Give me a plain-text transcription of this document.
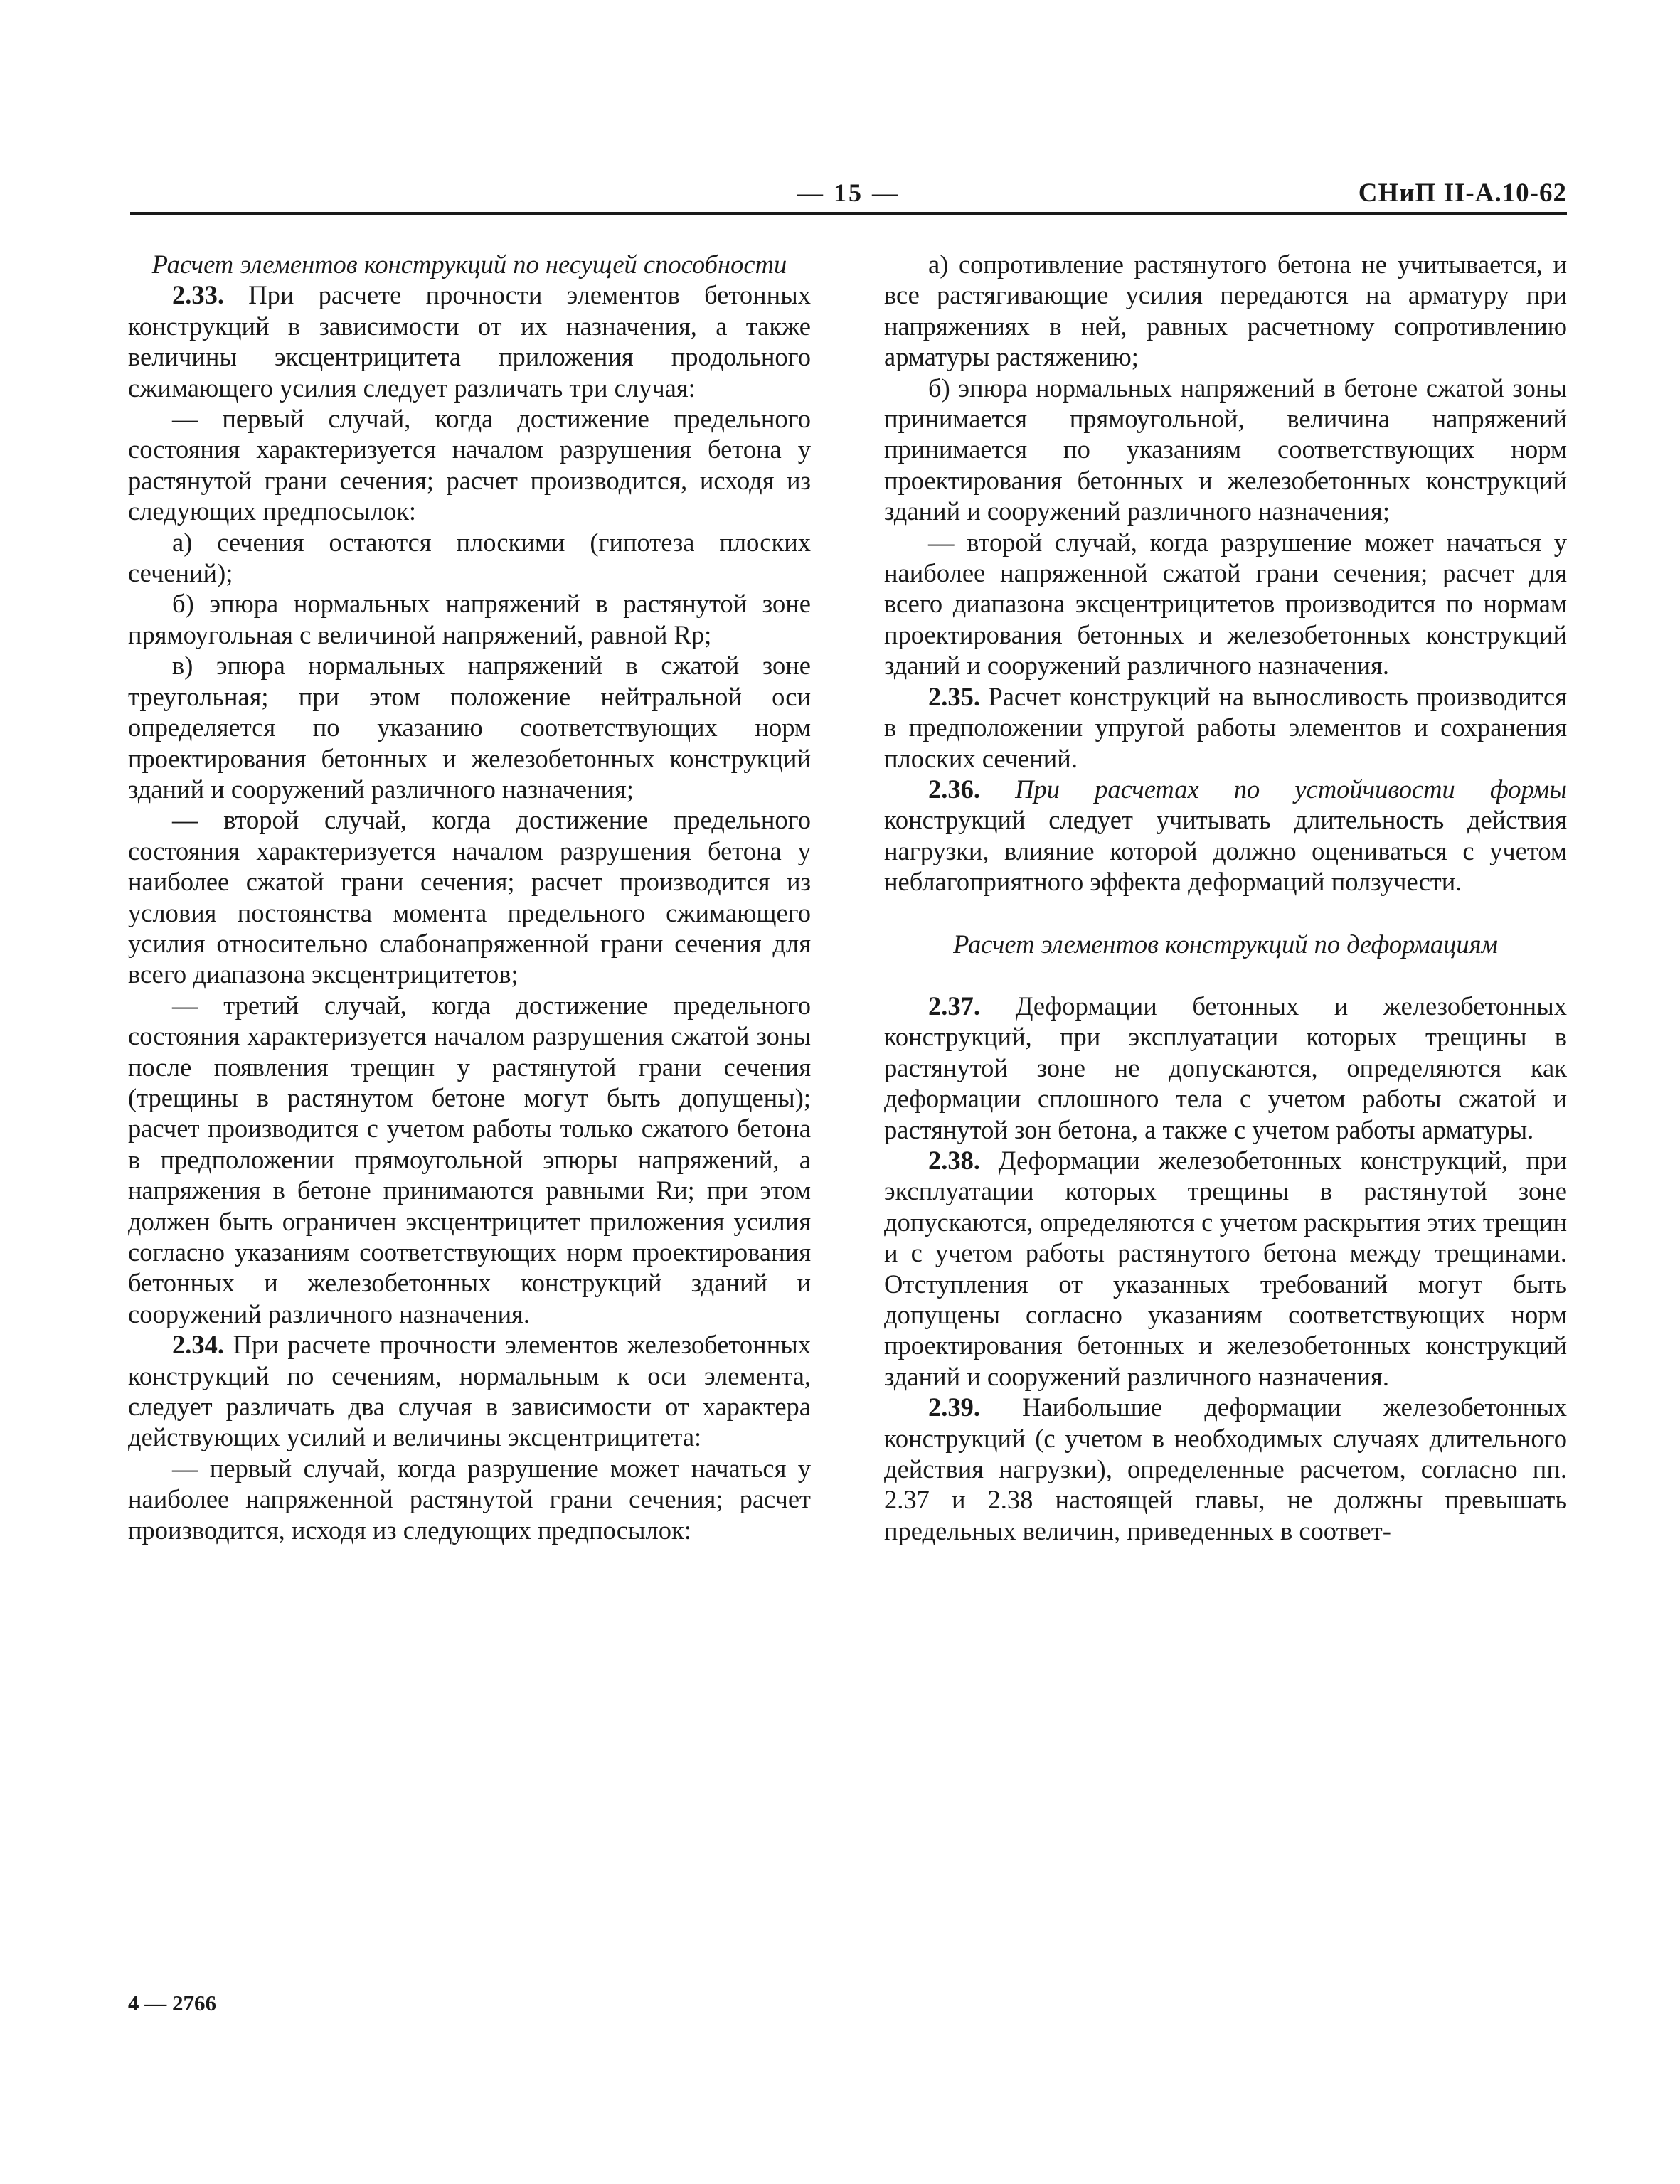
— 15 —	СНиП II-А.10-62

Расчет элементов конструкций по несущей способности

2.33. При расчете прочности элементов бетонных конструкций в зависимости от их назначения, а также величины эксцентрицитета приложения продольного сжимающего усилия следует различать три случая:

— первый случай, когда достижение предельного состояния характеризуется началом разрушения бетона у растянутой грани сечения; расчет производится, исходя из следующих предпосылок:

а) сечения остаются плоскими (гипотеза плоских сечений);

б) эпюра нормальных напряжений в растянутой зоне прямоугольная с величиной напряжений, равной Rр;

в) эпюра нормальных напряжений в сжатой зоне треугольная; при этом положение нейтральной оси определяется по указанию соответствующих норм проектирования бетонных и железобетонных конструкций зданий и сооружений различного назначения;

— второй случай, когда достижение предельного состояния характеризуется началом разрушения бетона у наиболее сжатой грани сечения; расчет производится из условия постоянства момента предельного сжимающего усилия относительно слабонапряженной грани сечения для всего диапазона эксцентрицитетов;

— третий случай, когда достижение предельного состояния характеризуется началом разрушения сжатой зоны после появления трещин у растянутой грани сечения (трещины в растянутом бетоне могут быть допущены); расчет производится с учетом работы только сжатого бетона в предположении прямоугольной эпюры напряжений, а напряжения в бетоне принимаются равными Rи; при этом должен быть ограничен эксцентрицитет приложения усилия согласно указаниям соответствующих норм проектирования бетонных и железобетонных конструкций зданий и сооружений различного назначения.

2.34. При расчете прочности элементов железобетонных конструкций по сечениям, нормальным к оси элемента, следует различать два случая в зависимости от характера действующих усилий и величины эксцентрицитета:

— первый случай, когда разрушение может начаться у наиболее напряженной растянутой грани сечения; расчет производится, исходя из следующих предпосылок:

а) сопротивление растянутого бетона не учитывается, и все растягивающие усилия передаются на арматуру при напряжениях в ней, равных расчетному сопротивлению арматуры растяжению;

б) эпюра нормальных напряжений в бетоне сжатой зоны принимается прямоугольной, величина напряжений принимается по указаниям соответствующих норм проектирования бетонных и железобетонных конструкций зданий и сооружений различного назначения;

— второй случай, когда разрушение может начаться у наиболее напряженной сжатой грани сечения; расчет для всего диапазона эксцентрицитетов производится по нормам проектирования бетонных и железобетонных конструкций зданий и сооружений различного назначения.

2.35. Расчет конструкций на выносливость производится в предположении упругой работы элементов и сохранения плоских сечений.

2.36. При расчетах по устойчивости формы конструкций следует учитывать длительность действия нагрузки, влияние которой должно оцениваться с учетом неблагоприятного эффекта деформаций ползучести.

Расчет элементов конструкций по деформациям

2.37. Деформации бетонных и железобетонных конструкций, при эксплуатации которых трещины в растянутой зоне не допускаются, определяются как деформации сплошного тела с учетом работы сжатой и растянутой зон бетона, а также с учетом работы арматуры.

2.38. Деформации железобетонных конструкций, при эксплуатации которых трещины в растянутой зоне допускаются, определяются с учетом раскрытия этих трещин и с учетом работы растянутого бетона между трещинами. Отступления от указанных требований могут быть допущены согласно указаниям соответствующих норм проектирования бетонных и железобетонных конструкций зданий и сооружений различного назначения.

2.39. Наибольшие деформации железобетонных конструкций (с учетом в необходимых случаях длительного действия нагрузки), определенные расчетом, согласно пп. 2.37 и 2.38 настоящей главы, не должны превышать предельных величин, приведенных в соответ-

4 — 2766
